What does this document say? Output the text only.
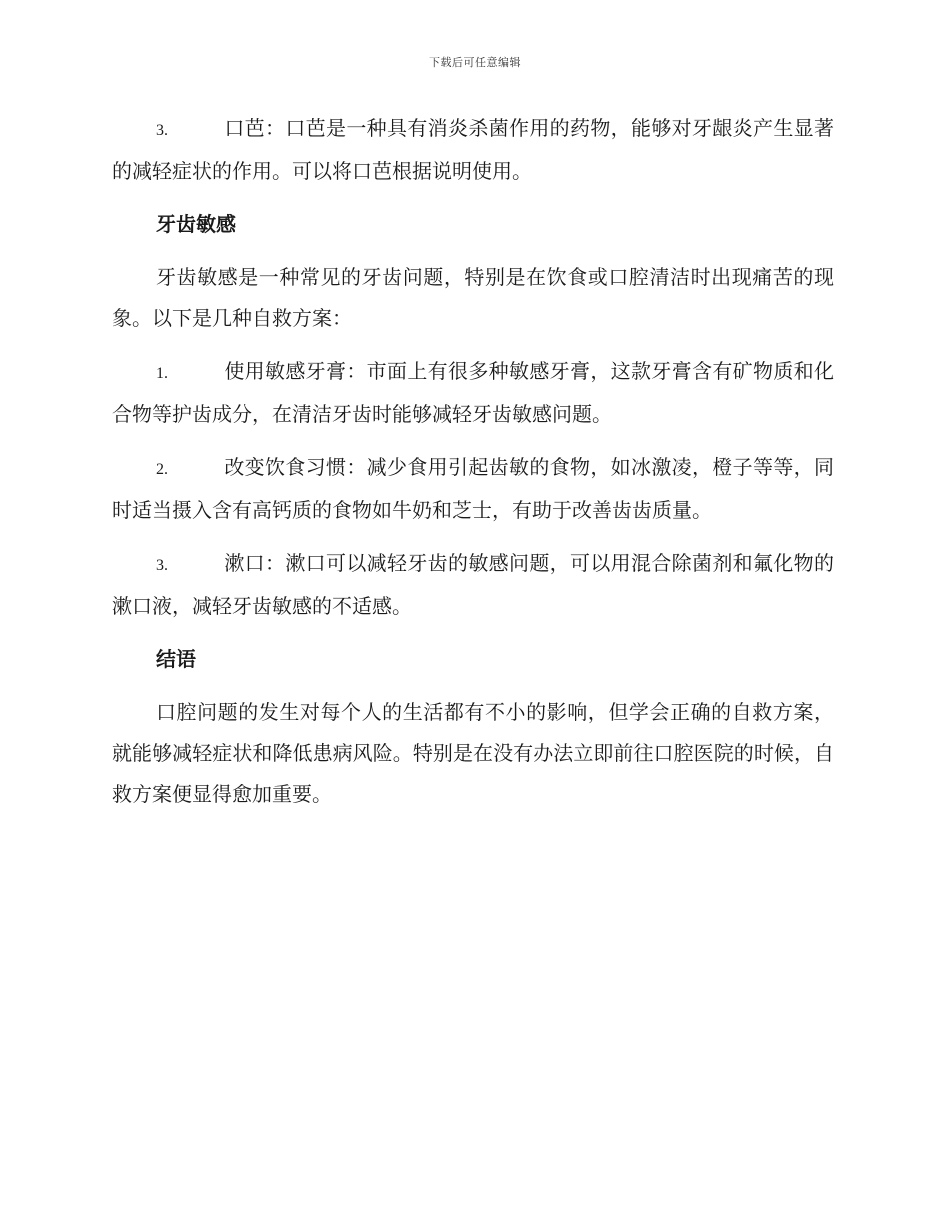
下载后可任意编辑

3.	口芭：口芭是一种具有消炎杀菌作用的药物，能够对牙龈炎产生显著的减轻症状的作用。可以将口芭根据说明使用。

牙齿敏感

牙齿敏感是一种常见的牙齿问题，特别是在饮食或口腔清洁时出现痛苦的现象。以下是几种自救方案：

1.	使用敏感牙膏：市面上有很多种敏感牙膏，这款牙膏含有矿物质和化合物等护齿成分，在清洁牙齿时能够减轻牙齿敏感问题。

2.	改变饮食习惯：减少食用引起齿敏的食物，如冰激凌，橙子等等，同时适当摄入含有高钙质的食物如牛奶和芝士，有助于改善齿齿质量。

3.	漱口：漱口可以减轻牙齿的敏感问题，可以用混合除菌剂和氟化物的漱口液，减轻牙齿敏感的不适感。

结语

口腔问题的发生对每个人的生活都有不小的影响，但学会正确的自救方案，就能够减轻症状和降低患病风险。特别是在没有办法立即前往口腔医院的时候，自救方案便显得愈加重要。
